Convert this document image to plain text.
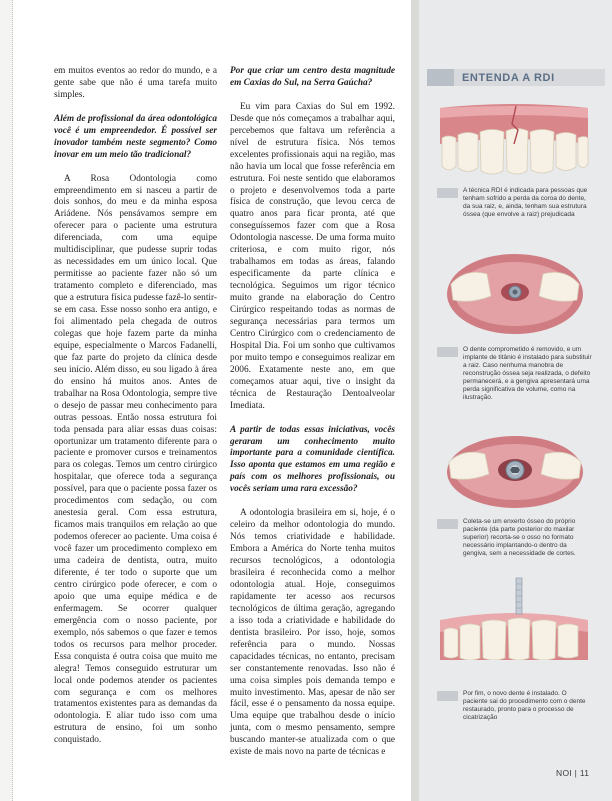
em muitos eventos ao redor do mundo, e a gente sabe que não é uma tarefa muito simples.

Além de profissional da área odontológica você é um empreendedor. É possível ser inovador também neste segmento? Como inovar em um meio tão tradicional?

A Rosa Odontologia como empreendimento em si nasceu a partir de dois sonhos, do meu e da minha esposa Ariádene. Nós pensávamos sempre em oferecer para o paciente uma estrutura diferenciada, com uma equipe multidisciplinar, que pudesse suprir todas as necessidades em um único local. Que permitisse ao paciente fazer não só um tratamento completo e diferenciado, mas que a estrutura física pudesse fazê-lo sentir-se em casa. Esse nosso sonho era antigo, e foi alimentado pela chegada de outros colegas que hoje fazem parte da minha equipe, especialmente o Marcos Fadanelli, que faz parte do projeto da clínica desde seu início. Além disso, eu sou ligado à área do ensino há muitos anos. Antes de trabalhar na Rosa Odontologia, sempre tive o desejo de passar meu conhecimento para outras pessoas. Então nossa estrutura foi toda pensada para aliar essas duas coisas: oportunizar um tratamento diferente para o paciente e promover cursos e treinamentos para os colegas. Temos um centro cirúrgico hospitalar, que oferece toda a segurança possível, para que o paciente possa fazer os procedimentos com sedação, ou com anestesia geral. Com essa estrutura, ficamos mais tranquilos em relação ao que podemos oferecer ao paciente. Uma coisa é você fazer um procedimento complexo em uma cadeira de dentista, outra, muito diferente, é ter todo o suporte que um centro cirúrgico pode oferecer, e com o apoio que uma equipe médica e de enfermagem. Se ocorrer qualquer emergência com o nosso paciente, por exemplo, nós sabemos o que fazer e temos todos os recursos para melhor proceder. Essa conquista é outra coisa que muito me alegra! Temos conseguido estruturar um local onde podemos atender os pacientes com segurança e com os melhores tratamentos existentes para as demandas da odontologia. E aliar tudo isso com uma estrutura de ensino, foi um sonho conquistado.

Por que criar um centro desta magnitude em Caxias do Sul, na Serra Gaúcha?

Eu vim para Caxias do Sul em 1992. Desde que nós começamos a trabalhar aqui, percebemos que faltava um referência a nível de estrutura física. Nós temos excelentes profissionais aqui na região, mas não havia um local que fosse referência em estrutura. Foi neste sentido que elaboramos o projeto e desenvolvemos toda a parte física de construção, que levou cerca de quatro anos para ficar pronta, até que conseguíssemos fazer com que a Rosa Odontologia nascesse. De uma forma muito criteriosa, e com muito rigor, nós trabalhamos em todas as áreas, falando especificamente da parte clínica e tecnológica. Seguimos um rigor técnico muito grande na elaboração do Centro Cirúrgico respeitando todas as normas de segurança necessárias para termos um Centro Cirúrgico com o credenciamento de Hospital Dia. Foi um sonho que cultivamos por muito tempo e conseguimos realizar em 2006. Exatamente neste ano, em que começamos atuar aqui, tive o insight da técnica de Restauração Dentoalveolar Imediata.

A partir de todas essas iniciativas, vocês geraram um conhecimento muito importante para a comunidade científica. Isso aponta que estamos em uma região e país com os melhores profissionais, ou vocês seriam uma rara excessão?

A odontologia brasileira em si, hoje, é o celeiro da melhor odontologia do mundo. Nós temos criatividade e habilidade. Embora a América do Norte tenha muitos recursos tecnológicos, a odontologia brasileira é reconhecida como a melhor odontologia atual. Hoje, conseguimos rapidamente ter acesso aos recursos tecnológicos de última geração, agregando a isso toda a criatividade e habilidade do dentista brasileiro. Por isso, hoje, somos referência para o mundo. Nossas capacidades técnicas, no entanto, precisam ser constantemente renovadas. Isso não é uma coisa simples pois demanda tempo e muito investimento. Mas, apesar de não ser fácil, esse é o pensamento da nossa equipe. Uma equipe que trabalhou desde o início junta, com o mesmo pensamento, sempre buscando manter-se atualizada com o que existe de mais novo na parte de técnicas e

ENTENDA A RDI
A técnica RDI é indicada para pessoas que tenham sofrido a perda da coroa do dente, da sua raiz, e, ainda, tenham sua estrutura óssea (que envolve a raiz) prejudicada
O dente comprometido é removido, e um implante de titânio é instalado para substituir a raiz. Caso nenhuma manobra de reconstrução óssea seja realizada, o defeito permanecerá, e a gengiva apresentará uma perda significativa de volume, como na ilustração.
Coleta-se um enxerto ósseo do próprio paciente (da parte posterior do maxilar superior) recorta-se o osso no formato necessário implantando-o dentro da gengiva, sem a necessidade de cortes.
Por fim, o novo dente é instalado. O paciente sai do procedimento com o dente restaurado, pronto para o processo de cicatrização
NOI | 11
